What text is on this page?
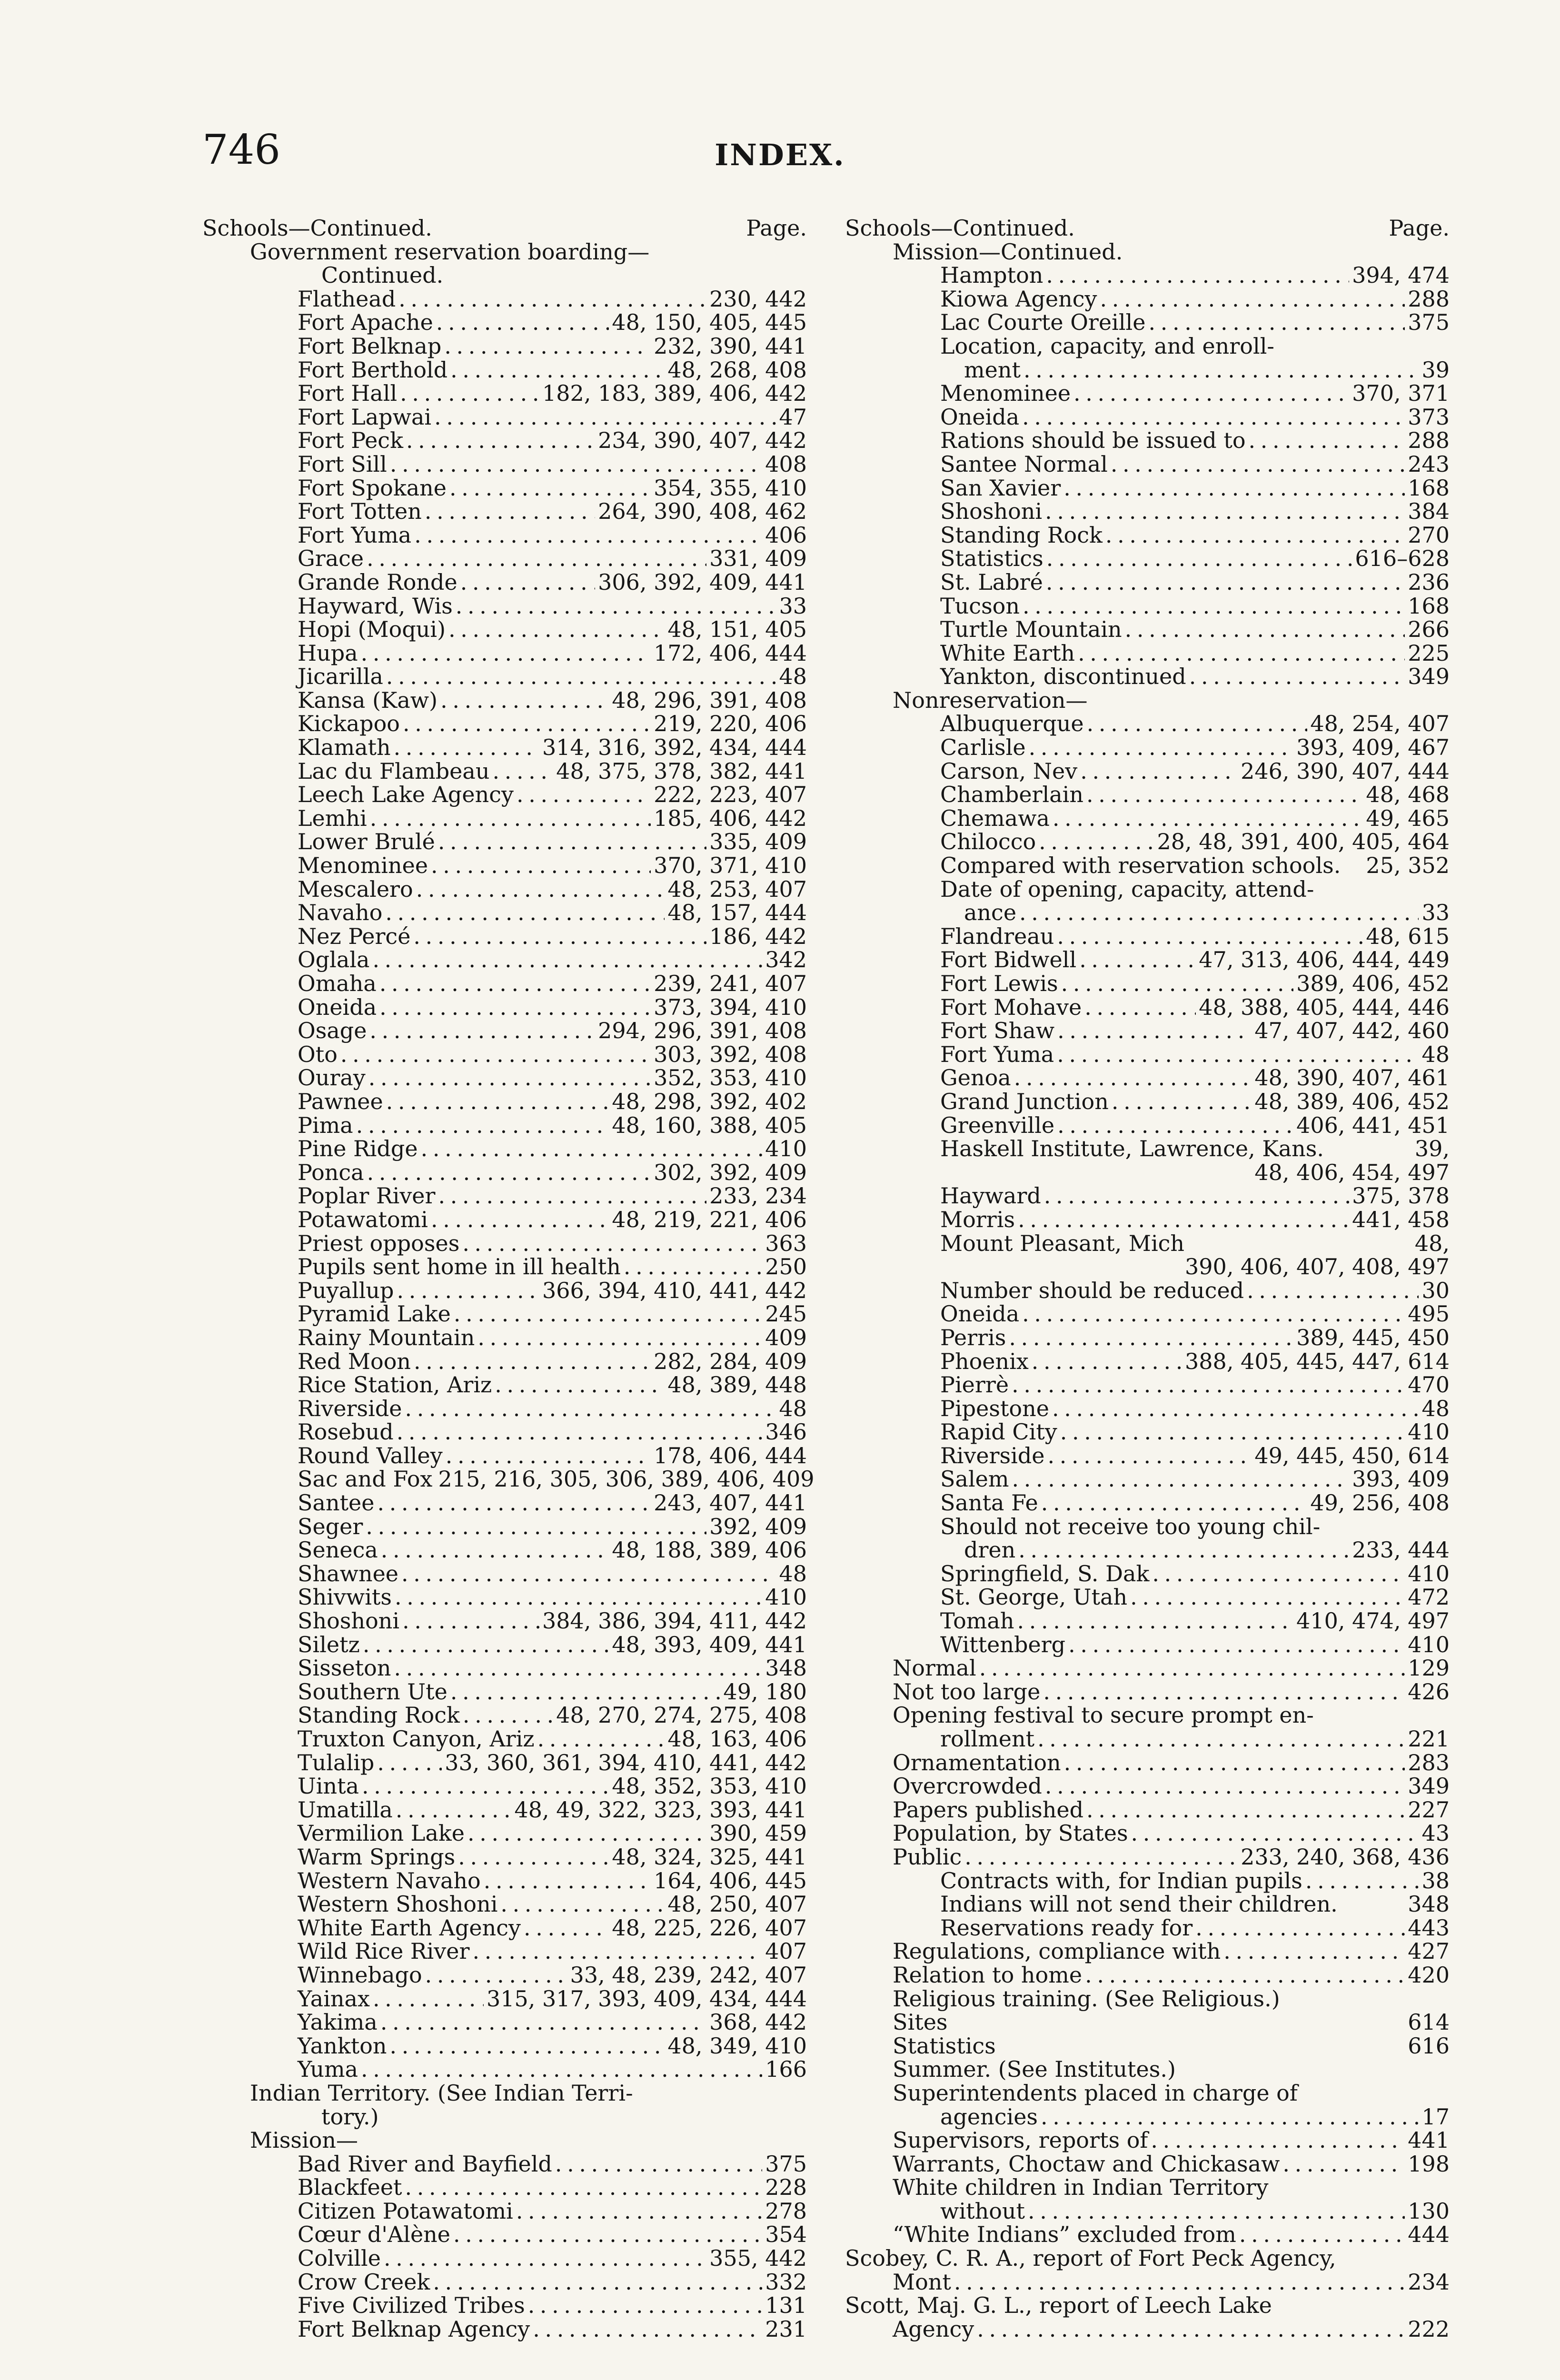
746	INDEX.
Schools—Continued.	Page.
Government reservation boarding—
Continued.
Flathead . . .	230, 442
Fort Apache . . .	48, 150, 405, 445
Fort Belknap . . .	232, 390, 441
Fort Berthold . . .	48, 268, 408
Fort Hall . . .	182, 183, 389, 406, 442
Fort Lapwai . . .	47
Fort Peck . . .	234, 390, 407, 442
Fort Sill . . .	408
Fort Spokane . . .	354, 355, 410
Fort Totten . . .	264, 390, 408, 462
Fort Yuma . . .	406
Grace . . .	331, 409
Grande Ronde . . .	306, 392, 409, 441
Hayward, Wis . . .	33
Hopi (Moqui) . . .	48, 151, 405
Hupa . . .	172, 406, 444
Jicarilla . . .	48
Kansa (Kaw) . . .	48, 296, 391, 408
Kickapoo . . .	219, 220, 406
Klamath . . .	314, 316, 392, 434, 444
Lac du Flambeau . . .	48, 375, 378, 382, 441
Leech Lake Agency . . .	222, 223, 407
Lemhi . . .	185, 406, 442
Lower Brulé . . .	335, 409
Menominee . . .	370, 371, 410
Mescalero . . .	48, 253, 407
Navaho . . .	48, 157, 444
Nez Percé . . .	186, 442
Oglala . . .	342
Omaha . . .	239, 241, 407
Oneida . . .	373, 394, 410
Osage . . .	294, 296, 391, 408
Oto . . .	303, 392, 408
Ouray . . .	352, 353, 410
Pawnee . . .	48, 298, 392, 402
Pima . . .	48, 160, 388, 405
Pine Ridge . . .	410
Ponca . . .	302, 392, 409
Poplar River . . .	233, 234
Potawatomi . . .	48, 219, 221, 406
Priest opposes . . .	363
Pupils sent home in ill health . . .	250
Puyallup . . .	366, 394, 410, 441, 442
Pyramid Lake . . .	245
Rainy Mountain . . .	409
Red Moon . . .	282, 284, 409
Rice Station, Ariz . . .	48, 389, 448
Riverside . . .	48
Rosebud . . .	346
Round Valley . . .	178, 406, 444
Sac and Fox 215, 216, 305, 306, 389, 406, 409
Santee . . .	243, 407, 441
Seger . . .	392, 409
Seneca . . .	48, 188, 389, 406
Shawnee . . .	48
Shivwits . . .	410
Shoshoni . . .	384, 386, 394, 411, 442
Siletz . . .	48, 393, 409, 441
Sisseton . . .	348
Southern Ute . . .	49, 180
Standing Rock . . .	48, 270, 274, 275, 408
Truxton Canyon, Ariz . . .	48, 163, 406
Tulalip . . .	33, 360, 361, 394, 410, 441, 442
Uinta . . .	48, 352, 353, 410
Umatilla . . .	48, 49, 322, 323, 393, 441
Vermilion Lake . . .	390, 459
Warm Springs . . .	48, 324, 325, 441
Western Navaho . . .	164, 406, 445
Western Shoshoni . . .	48, 250, 407
White Earth Agency . . .	48, 225, 226, 407
Wild Rice River . . .	407
Winnebago . . .	33, 48, 239, 242, 407
Yainax . . .	315, 317, 393, 409, 434, 444
Yakima . . .	368, 442
Yankton . . .	48, 349, 410
Yuma . . .	166
Indian Territory. (See Indian Terri-
tory.)
Mission—
Bad River and Bayfield . . .	375
Blackfeet . . .	228
Citizen Potawatomi . . .	278
Cœur d'Alène . . .	354
Colville . . .	355, 442
Crow Creek . . .	332
Five Civilized Tribes . . .	131
Fort Belknap Agency . . .	231
Schools—Continued.	Page.
Mission—Continued.
Hampton . . .	394, 474
Kiowa Agency . . .	288
Lac Courte Oreille . . .	375
Location, capacity, and enroll-
ment . . .	39
Menominee . . .	370, 371
Oneida . . .	373
Rations should be issued to . . .	288
Santee Normal . . .	243
San Xavier . . .	168
Shoshoni . . .	384
Standing Rock . . .	270
Statistics . . .	616–628
St. Labré . . .	236
Tucson . . .	168
Turtle Mountain . . .	266
White Earth . . .	225
Yankton, discontinued . . .	349
Nonreservation—
Albuquerque . . .	48, 254, 407
Carlisle . . .	393, 409, 467
Carson, Nev . . .	246, 390, 407, 444
Chamberlain . . .	48, 468
Chemawa . . .	49, 465
Chilocco . . .	28, 48, 391, 400, 405, 464
Compared with reservation schools. 25, 352
Date of opening, capacity, attend-
ance . . .	33
Flandreau . . .	48, 615
Fort Bidwell . . .	47, 313, 406, 444, 449
Fort Lewis . . .	389, 406, 452
Fort Mohave . . .	48, 388, 405, 444, 446
Fort Shaw . . .	47, 407, 442, 460
Fort Yuma . . .	48
Genoa . . .	48, 390, 407, 461
Grand Junction . . .	48, 389, 406, 452
Greenville . . .	406, 441, 451
Haskell Institute, Lawrence, Kans.	39,
48, 406, 454, 497
Hayward . . .	375, 378
Morris . . .	441, 458
Mount Pleasant, Mich	48,
390, 406, 407, 408, 497
Number should be reduced . . .	30
Oneida . . .	495
Perris . . .	389, 445, 450
Phoenix . . .	388, 405, 445, 447, 614
Pierrè . . .	470
Pipestone . . .	48
Rapid City . . .	410
Riverside . . .	49, 445, 450, 614
Salem . . .	393, 409
Santa Fe . . .	49, 256, 408
Should not receive too young chil-
dren . . .	233, 444
Springfield, S. Dak . . .	410
St. George, Utah . . .	472
Tomah . . .	410, 474, 497
Wittenberg . . .	410
Normal . . .	129
Not too large . . .	426
Opening festival to secure prompt en-
rollment . . .	221
Ornamentation . . .	283
Overcrowded . . .	349
Papers published . . .	227
Population, by States . . .	43
Public . . .	233, 240, 368, 436
Contracts with, for Indian pupils . . .	38
Indians will not send their children.	348
Reservations ready for . . .	443
Regulations, compliance with . . .	427
Relation to home . . .	420
Religious training. (See Religious.)
Sites	614
Statistics	616
Summer. (See Institutes.)
Superintendents placed in charge of
agencies . . .	17
Supervisors, reports of . . .	441
Warrants, Choctaw and Chickasaw . . .	198
White children in Indian Territory
without . . .	130
“White Indians” excluded from . . .	444
Scobey, C. R. A., report of Fort Peck Agency,
Mont . . .	234
Scott, Maj. G. L., report of Leech Lake
Agency . . .	222
